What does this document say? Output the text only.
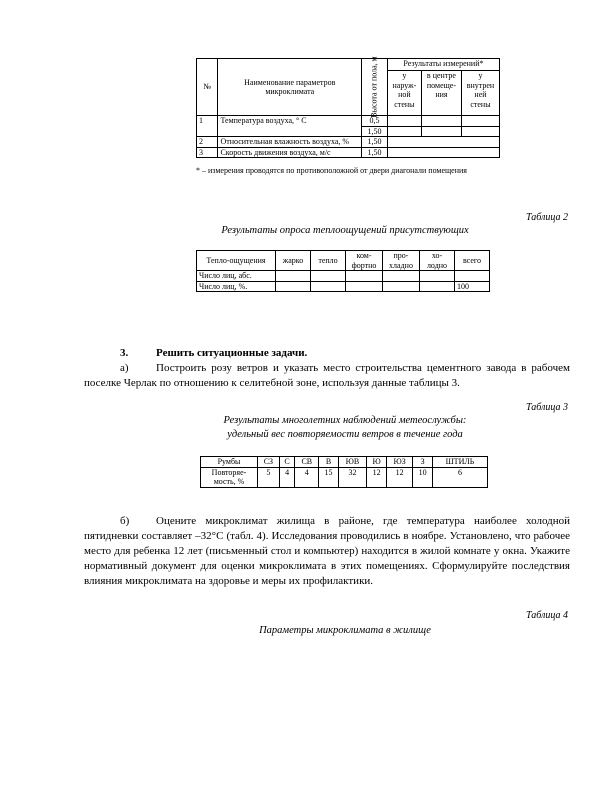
№	Наименование параметров микроклимата	Высота от пола, м	Результаты измерений*		
			у наруж-ной стены	в центре помеще-ния	у внутрен ней стены
1	Температура воздуха, ° С	0,5			
		1,50			
2	Относительная влажность воздуха, %	1,50			
3	Скорость движения воздуха, м/с	1,50			
* – измерения проводятся по противоположной от двери диагонали помещения
Таблица 2
Результаты опроса теплоощущений присутствующих
Тепло-ощущения	жарко	тепло	ком-фортно	про-хладно	хо-лодно	всего
Число лиц, абс.						
Число лиц, %.						100
3.	Решить ситуационные задачи.
а)	Построить розу ветров и указать место строительства цементного завода в рабочем поселке Черлак по отношению к селитебной зоне, используя данные таблицы 3.
Таблица 3
Результаты многолетних наблюдений метеослужбы:
удельный вес повторяемости ветров в течение года
Румбы	СЗ	С	СВ	В	ЮВ	Ю	ЮЗ	З	ШТИЛЬ
Повторяе-мость, %	5	4	4	15	32	12	12	10	6
б)	Оцените микроклимат жилища в районе, где температура наиболее холодной пятидневки составляет –32°С (табл. 4). Исследования проводились в ноябре. Установлено, что рабочее место для ребенка 12 лет (письменный стол и компьютер) находится в жилой комнате у окна. Укажите нормативный документ для оценки микроклимата в этих помещениях. Сформулируйте последствия влияния микроклимата на здоровье и меры их профилактики.
Таблица 4
Параметры микроклимата в жилище
